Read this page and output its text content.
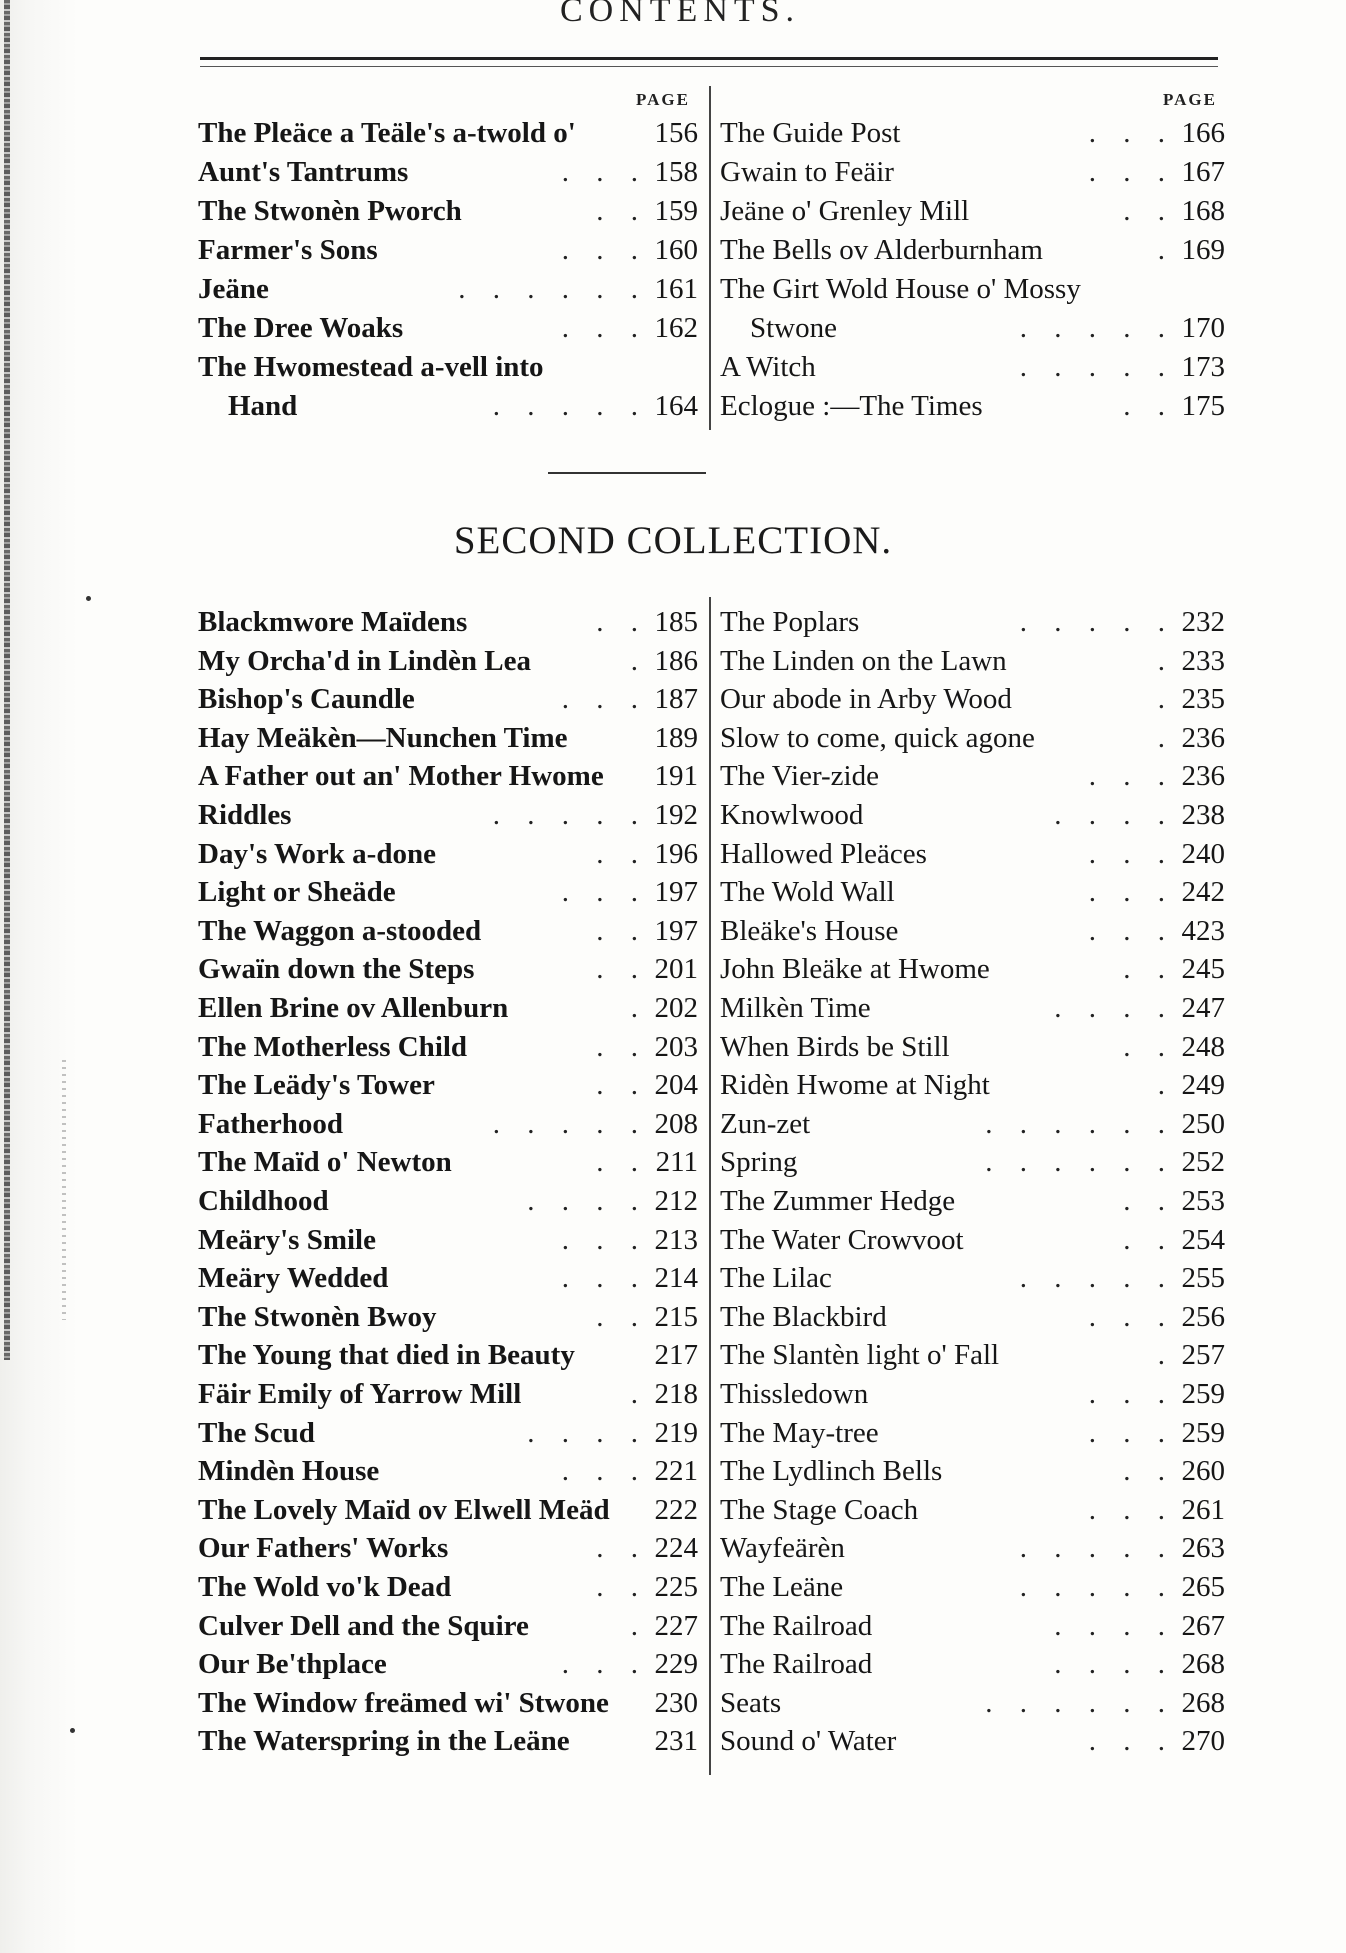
CONTENTS.
PAGE	PAGE
The Pleäce a Teäle's a-twold o'	156
Aunt's Tantrums	. . . 158
The Stwonèn Pworch	. . 159
Farmer's Sons	. . . 160
Jeäne	. . . . . . 161
The Dree Woaks	. . . 162
The Hwomestead a-vell into
Hand	. . . . . 164
The Guide Post	. . . 166
Gwain to Feäir	. . . 167
Jeäne o' Grenley Mill	. . 168
The Bells ov Alderburnham	. 169
The Girt Wold House o' Mossy
Stwone	. . . . . 170
A Witch	. . . . . 173
Eclogue :—The Times	. . 175
SECOND COLLECTION.
Blackmwore Maïdens	. . 185
My Orcha'd in Lindèn Lea	. 186
Bishop's Caundle	. . . 187
Hay Meäkèn—Nunchen Time	189
A Father out an' Mother Hwome 191
Riddles	. . . . . 192
Day's Work a-done	. . 196
Light or Sheäde	. . . 197
The Waggon a-stooded	. . 197
Gwaïn down the Steps	. . 201
Ellen Brine ov Allenburn	. 202
The Motherless Child	. . 203
The Leädy's Tower	. . 204
Fatherhood	. . . . . 208
The Maïd o' Newton	. . 211
Childhood	. . . . 212
Meäry's Smile	. . . 213
Meäry Wedded	. . . 214
The Stwonèn Bwoy	. . 215
The Young that died in Beauty	217
Fäir Emily of Yarrow Mill	. 218
The Scud	. . . . 219
Mindèn House	. . . 221
The Lovely Maïd ov Elwell Meäd 222
Our Fathers' Works	. . 224
The Wold vo'k Dead	. . 225
Culver Dell and the Squire	. 227
Our Be'thplace	. . . 229
The Window freämed wi' Stwone 230
The Waterspring in the Leäne	231
The Poplars	. . . . . 232
The Linden on the Lawn	. 233
Our abode in Arby Wood	. 235
Slow to come, quick agone	. 236
The Vier-zide	. . . 236
Knowlwood	. . . . 238
Hallowed Pleäces	. . . 240
The Wold Wall	. . . 242
Bleäke's House	. . . 423
John Bleäke at Hwome	. . 245
Milkèn Time	. . . . 247
When Birds be Still	. . 248
Ridèn Hwome at Night	. 249
Zun-zet	. . . . . . 250
Spring	. . . . . . 252
The Zummer Hedge	. . 253
The Water Crowvoot	. . 254
The Lilac	. . . . . 255
The Blackbird	. . . 256
The Slantèn light o' Fall	. 257
Thissledown	. . . 259
The May-tree	. . . 259
The Lydlinch Bells	. . 260
The Stage Coach	. . . 261
Wayfeärèn	. . . . . 263
The Leäne	. . . . . 265
The Railroad	. . . . 267
The Railroad	. . . . 268
Seats	. . . . . . 268
Sound o' Water	. . . 270
